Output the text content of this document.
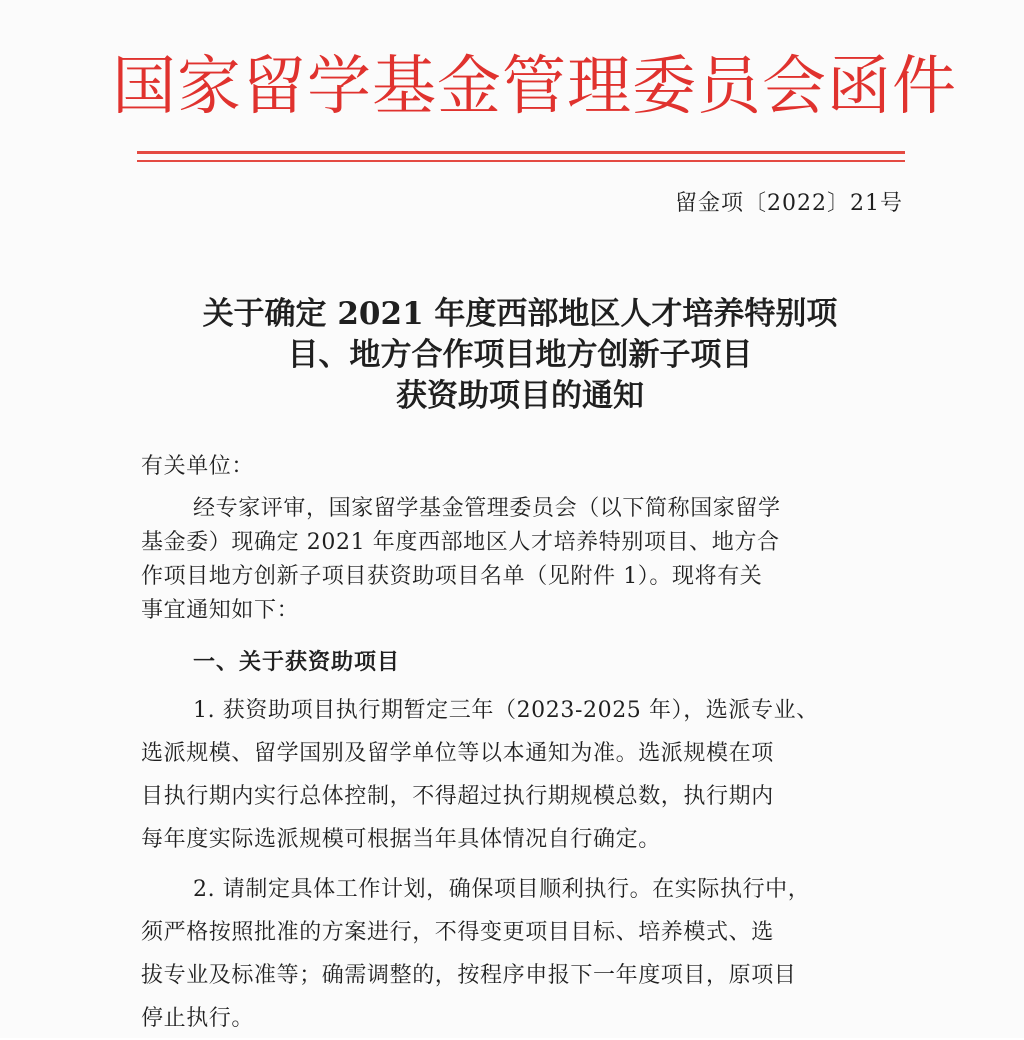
国家留学基金管理委员会函件
留金项〔2022〕21号
关于确定 2021 年度西部地区人才培养特别项
目、地方合作项目地方创新子项目
获资助项目的通知
有关单位：
经专家评审，国家留学基金管理委员会（以下简称国家留学
基金委）现确定 2021 年度西部地区人才培养特别项目、地方合
作项目地方创新子项目获资助项目名单（见附件 1）。现将有关
事宜通知如下：
一、关于获资助项目
1. 获资助项目执行期暂定三年（2023-2025 年），选派专业、
选派规模、留学国别及留学单位等以本通知为准。选派规模在项
目执行期内实行总体控制，不得超过执行期规模总数，执行期内
每年度实际选派规模可根据当年具体情况自行确定。
2. 请制定具体工作计划，确保项目顺利执行。在实际执行中，
须严格按照批准的方案进行，不得变更项目目标、培养模式、选
拔专业及标准等；确需调整的，按程序申报下一年度项目，原项目
停止执行。
